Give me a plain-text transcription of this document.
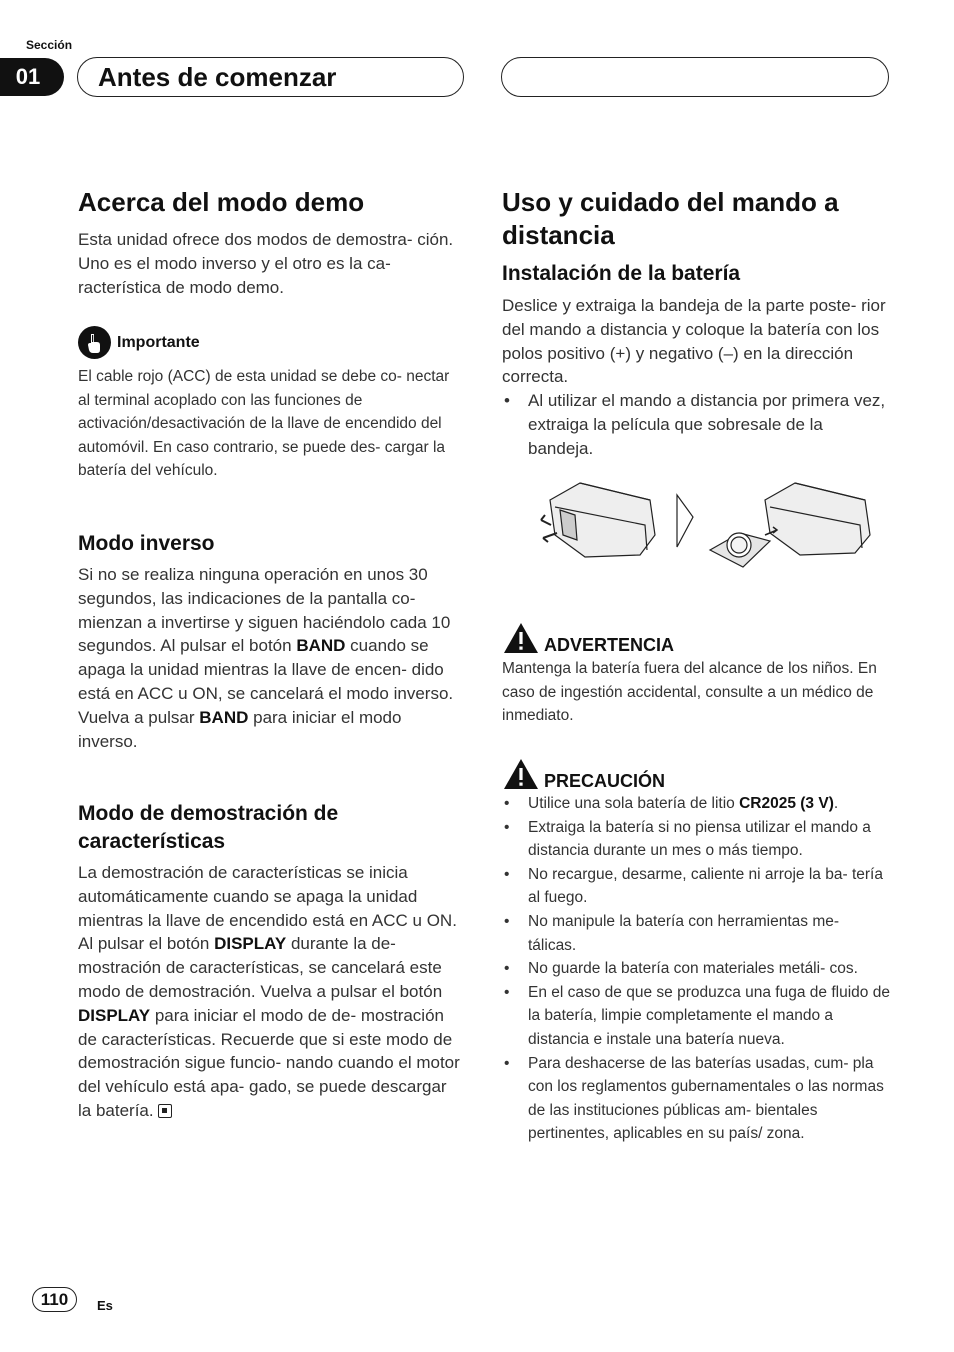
Sección
01	Antes de comenzar
Acerca del modo demo

Esta unidad ofrece dos modos de demostra- ción. Uno es el modo inverso y el otro es la ca- racterística de modo demo.

Importante

El cable rojo (ACC) de esta unidad se debe co- nectar al terminal acoplado con las funciones de activación/desactivación de la llave de encendido del automóvil. En caso contrario, se puede des- cargar la batería del vehículo.

Modo inverso

Si no se realiza ninguna operación en unos 30 segundos, las indicaciones de la pantalla co- mienzan a invertirse y siguen haciéndolo cada 10 segundos. Al pulsar el botón BAND cuando se apaga la unidad mientras la llave de encen- dido está en ACC u ON, se cancelará el modo inverso. Vuelva a pulsar BAND para iniciar el modo inverso.

Modo de demostración de características

La demostración de características se inicia automáticamente cuando se apaga la unidad mientras la llave de encendido está en ACC u ON. Al pulsar el botón DISPLAY durante la de- mostración de características, se cancelará este modo de demostración. Vuelva a pulsar el botón DISPLAY para iniciar el modo de de- mostración de características. Recuerde que si este modo de demostración sigue funcio- nando cuando el motor del vehículo está apa- gado, se puede descargar la batería.

Uso y cuidado del mando a distancia
Instalación de la batería

Deslice y extraiga la bandeja de la parte poste- rior del mando a distancia y coloque la batería con los polos positivo (+) y negativo (–) en la dirección correcta.

• Al utilizar el mando a distancia por primera vez, extraiga la película que sobresale de la bandeja.
ADVERTENCIA

Mantenga la batería fuera del alcance de los niños. En caso de ingestión accidental, consulte a un médico de inmediato.

PRECAUCIÓN
• Utilice una sola batería de litio CR2025 (3 V).
• Extraiga la batería si no piensa utilizar el mando a distancia durante un mes o más tiempo.
• No recargue, desarme, caliente ni arroje la ba- tería al fuego.
• No manipule la batería con herramientas me- tálicas.
• No guarde la batería con materiales metáli- cos.
• En el caso de que se produzca una fuga de fluido de la batería, limpie completamente el mando a distancia e instale una batería nueva.
• Para deshacerse de las baterías usadas, cum- pla con los reglamentos gubernamentales o las normas de las instituciones públicas am- bientales pertinentes, aplicables en su país/ zona.
110	Es
